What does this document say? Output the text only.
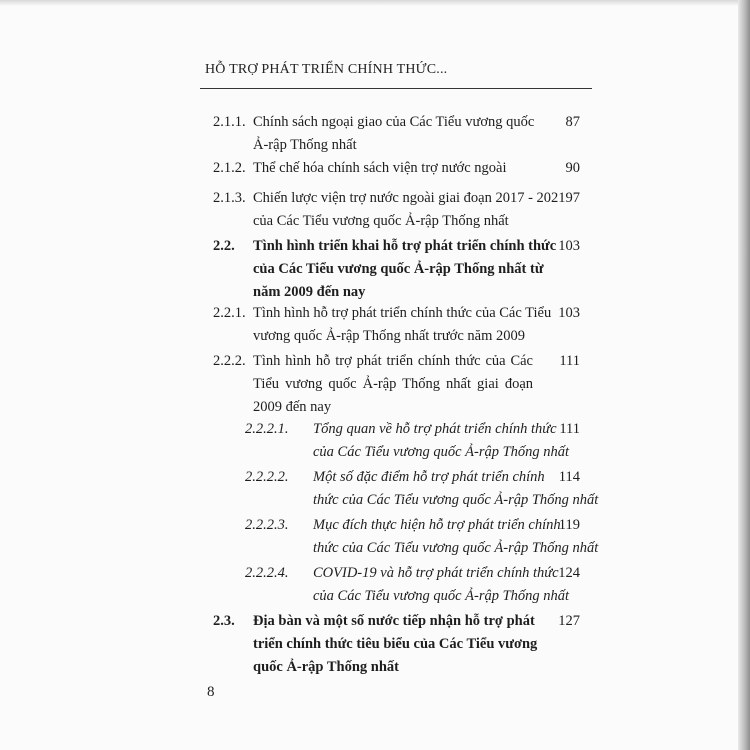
HỖ TRỢ PHÁT TRIỂN CHÍNH THỨC...
2.1.1. Chính sách ngoại giao của Các Tiểu vương quốc
Ả-rập Thống nhất
87
2.1.2. Thể chế hóa chính sách viện trợ nước ngoài	90
2.1.3. Chiến lược viện trợ nước ngoài giai đoạn 2017 - 2021
của Các Tiểu vương quốc Ả-rập Thống nhất
97
2.2. Tình hình triển khai hỗ trợ phát triển chính thức
của Các Tiểu vương quốc Ả-rập Thống nhất từ
năm 2009 đến nay
103
2.2.1. Tình hình hỗ trợ phát triển chính thức của Các Tiểu
vương quốc Ả-rập Thống nhất trước năm 2009
103
2.2.2. Tình hình hỗ trợ phát triển chính thức của Các
Tiểu vương quốc Ả-rập Thống nhất giai đoạn
2009 đến nay
111
2.2.2.1. Tổng quan về hỗ trợ phát triển chính thức
của Các Tiểu vương quốc Ả-rập Thống nhất
111
2.2.2.2. Một số đặc điểm hỗ trợ phát triển chính
thức của Các Tiểu vương quốc Ả-rập Thống nhất
114
2.2.2.3. Mục đích thực hiện hỗ trợ phát triển chính
thức của Các Tiểu vương quốc Ả-rập Thống nhất
119
2.2.2.4. COVID-19 và hỗ trợ phát triển chính thức
của Các Tiểu vương quốc Ả-rập Thống nhất
124
2.3. Địa bàn và một số nước tiếp nhận hỗ trợ phát
triển chính thức tiêu biểu của Các Tiểu vương
quốc Ả-rập Thống nhất
127
8
